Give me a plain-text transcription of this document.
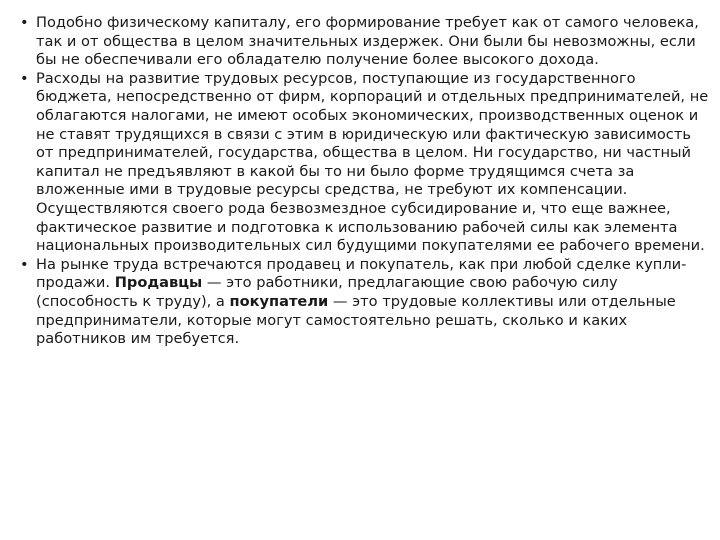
• Подобно физическому капиталу, его формирование требует как от самого человека, так и от общества в целом значительных издержек. Они были бы невозможны, если бы не обеспечивали его обладателю получение более высокого дохода.
• Расходы на развитие трудовых ресурсов, поступающие из государственного бюджета, непосредственно от фирм, корпораций и отдельных предпринимателей, не облагаются налогами, не имеют особых экономических, производственных оценок и не ставят трудящихся в связи с этим в юридическую или фактическую зависимость от предпринимателей, государства, общества в целом. Ни государство, ни частный капитал не предъявляют в какой бы то ни было форме трудящимся счета за вложенные ими в трудовые ресурсы средства, не требуют их компенсации. Осуществляются своего рода безвозмездное субсидирование и, что еще важнее, фактическое развитие и подготовка к использованию рабочей силы как элемента национальных производительных сил будущими покупателями ее рабочего времени.
• На рынке труда встречаются продавец и покупатель, как при любой сделке купли-продажи. Продавцы — это работники, предлагающие свою рабочую силу (способность к труду), а покупатели — это трудовые коллективы или отдельные предприниматели, которые могут самостоятельно решать, сколько и каких работников им требуется.
